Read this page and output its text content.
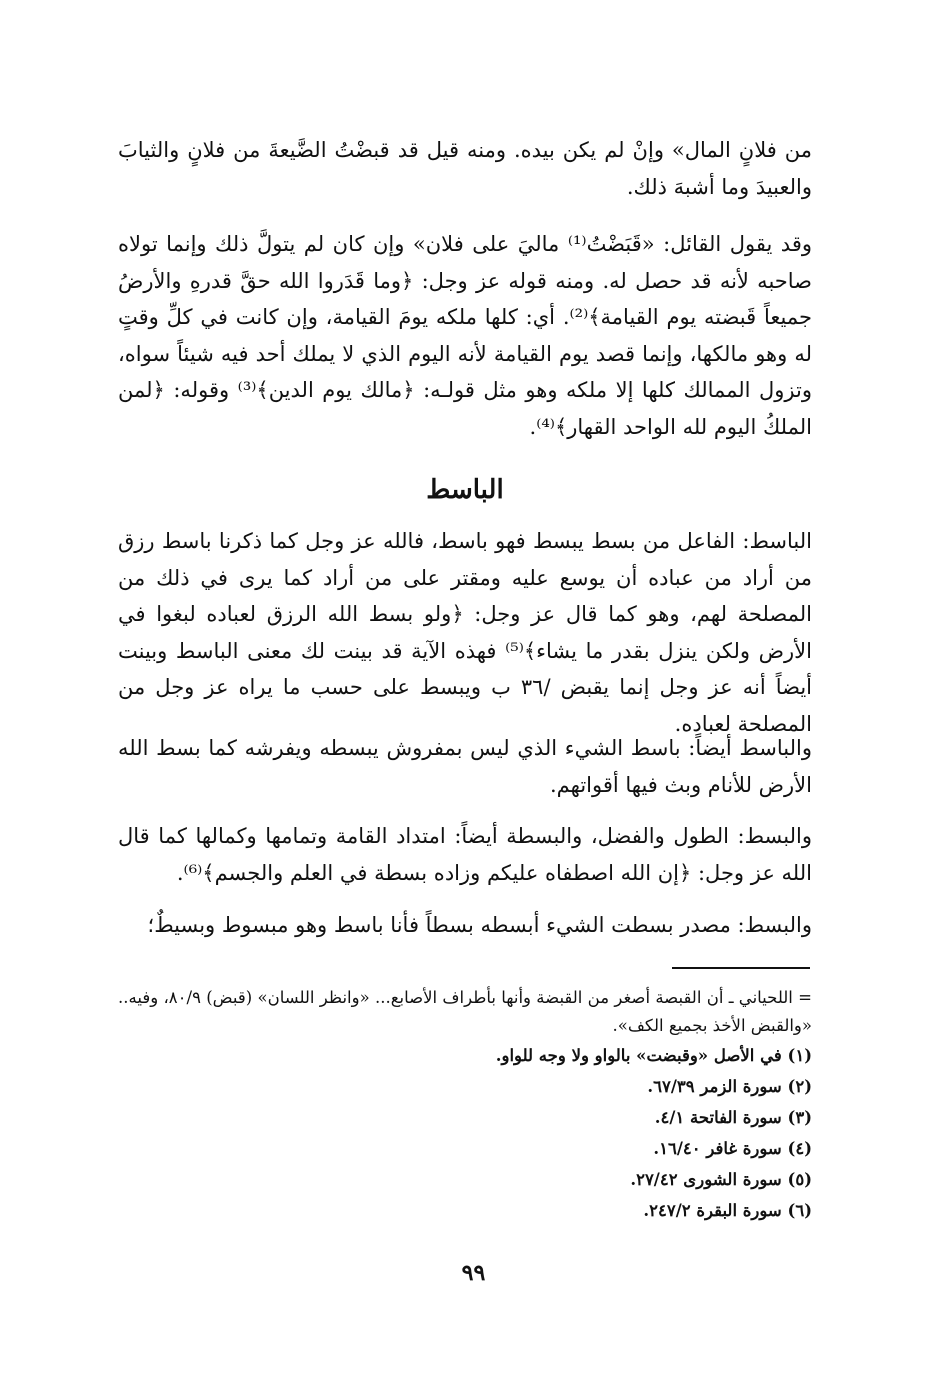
من فلانٍ المال» وإنْ لم يكن بيده. ومنه قيل قد قبضْتُ الضَّيعةَ من فلانٍ والثيابَ والعبيدَ وما أشبهَ ذلك.

وقد يقول القائل: «قَبَضْتُ⁽¹⁾ ماليَ على فلان» وإن كان لم يتولَّ ذلك وإنما تولاه صاحبه لأنه قد حصل له. ومنه قوله عز وجل: ﴿وما قَدَروا الله حقَّ قدرهِ والأرضُ جميعاً قَبضته يوم القيامة﴾⁽²⁾. أي: كلها ملكه يومَ القيامة، وإن كانت في كلِّ وقتٍ له وهو مالكها، وإنما قصد يوم القيامة لأنه اليوم الذي لا يملك أحد فيه شيئاً سواه، وتزول الممالك كلها إلا ملكه وهو مثل قولـه: ﴿مالك يوم الدين﴾⁽³⁾ وقوله: ﴿لمن الملكُ اليوم لله الواحد القهار﴾⁽⁴⁾.

الباسط

الباسط: الفاعل من بسط يبسط فهو باسط، فالله عز وجل كما ذكرنا باسط رزق من أراد من عباده أن يوسع عليه ومقتر على من أراد كما يرى في ذلك من المصلحة لهم، وهو كما قال عز وجل: ﴿ولو بسط الله الرزق لعباده لبغوا في الأرض ولكن ينزل بقدر ما يشاء﴾⁽⁵⁾ فهذه الآية قد بينت لك معنى الباسط وبينت أيضاً أنه عز وجل إنما يقبض /٣٦ ب ويبسط على حسب ما يراه عز وجل من المصلحة لعباده.

والباسط أيضاً: باسط الشيء الذي ليس بمفروش يبسطه ويفرشه كما بسط الله الأرض للأنام وبث فيها أقواتهم.

والبسط: الطول والفضل، والبسطة أيضاً: امتداد القامة وتمامها وكمالها كما قال الله عز وجل: ﴿إن الله اصطفاه عليكم وزاده بسطة في العلم والجسم﴾⁽⁶⁾.

والبسط: مصدر بسطت الشيء أبسطه بسطاً فأنا باسط وهو مبسوط وبسيطٌ؛

= اللحياني ـ أن القبصة أصغر من القبضة وأنها بأطراف الأصابع... «وانظر اللسان» (قبض) ٨٠/٩، وفيه.. «والقبض الأخذ بجميع الكف».

(١) في الأصل «وقبضت» بالواو ولا وجه للواو.

(٢) سورة الزمر ٦٧/٣٩.

(٣) سورة الفاتحة ٤/١.

(٤) سورة غافر ١٦/٤٠.

(٥) سورة الشورى ٢٧/٤٢.

(٦) سورة البقرة ٢٤٧/٢.

٩٩
